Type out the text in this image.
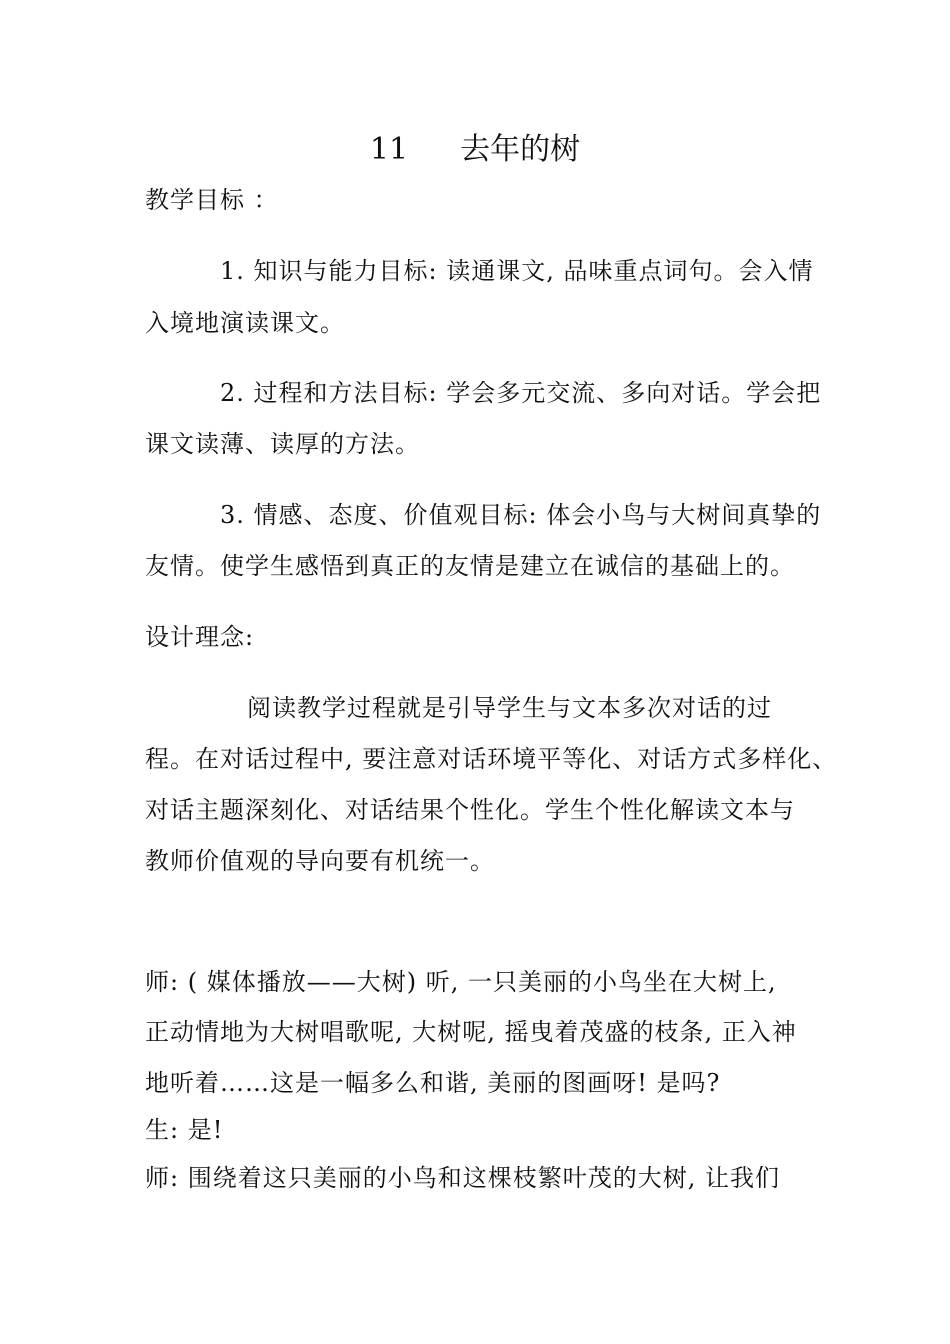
11 去年的树
教学目标 ：
1. 知识与能力目标: 读通课文, 品味重点词句。会入情
入境地演读课文。
2. 过程和方法目标: 学会多元交流、多向对话。学会把
课文读薄、读厚的方法。
3. 情感、态度、价值观目标: 体会小鸟与大树间真挚的
友情。使学生感悟到真正的友情是建立在诚信的基础上的。
设计理念:
阅读教学过程就是引导学生与文本多次对话的过
程。在对话过程中, 要注意对话环境平等化、对话方式多样化、
对话主题深刻化、对话结果个性化。学生个性化解读文本与
教师价值观的导向要有机统一。
师: ( 媒体播放——大树) 听, 一只美丽的小鸟坐在大树上,
正动情地为大树唱歌呢, 大树呢, 摇曳着茂盛的枝条, 正入神
地听着……这是一幅多么和谐, 美丽的图画呀! 是吗?
生: 是!
师: 围绕着这只美丽的小鸟和这棵枝繁叶茂的大树, 让我们
